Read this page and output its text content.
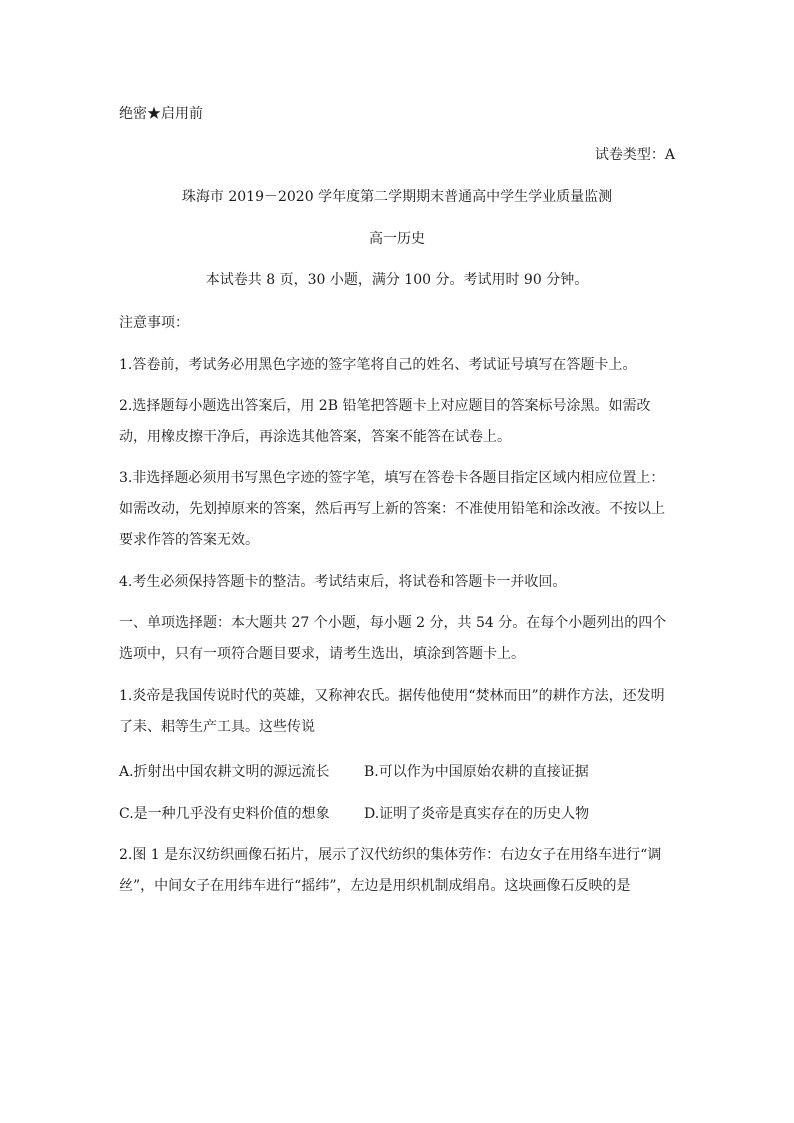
绝密★启用前
试卷类型：A
珠海市 2019－2020 学年度第二学期期末普通高中学生学业质量监测
高一历史
本试卷共 8 页，30 小题，满分 100 分。考试用时 90 分钟。
注意事项：
1.答卷前，考试务必用黑色字迹的签字笔将自己的姓名、考试证号填写在答题卡上。
2.选择题每小题选出答案后，用 2B 铅笔把答题卡上对应题目的答案标号涂黑。如需改动，用橡皮擦干净后，再涂选其他答案，答案不能答在试卷上。
3.非选择题必须用书写黑色字迹的签字笔，填写在答卷卡各题目指定区域内相应位置上：如需改动，先划掉原来的答案，然后再写上新的答案：不准使用铅笔和涂改液。不按以上要求作答的答案无效。
4.考生必须保持答题卡的整洁。考试结束后，将试卷和答题卡一并收回。
一、单项选择题：本大题共 27 个小题，每小题 2 分，共 54 分。在每个小题列出的四个选项中，只有一项符合题目要求，请考生选出，填涂到答题卡上。
1.炎帝是我国传说时代的英雄，又称神农氏。据传他使用“焚林而田”的耕作方法，还发明了耒、耜等生产工具。这些传说
A.折射出中国农耕文明的源远流长 B.可以作为中国原始农耕的直接证据
C.是一种几乎没有史料价值的想象 D.证明了炎帝是真实存在的历史人物
2.图 1 是东汉纺织画像石拓片，展示了汉代纺织的集体劳作：右边女子在用络车进行“调丝”，中间女子在用纬车进行“摇纬”，左边是用织机制成绢帛。这块画像石反映的是
